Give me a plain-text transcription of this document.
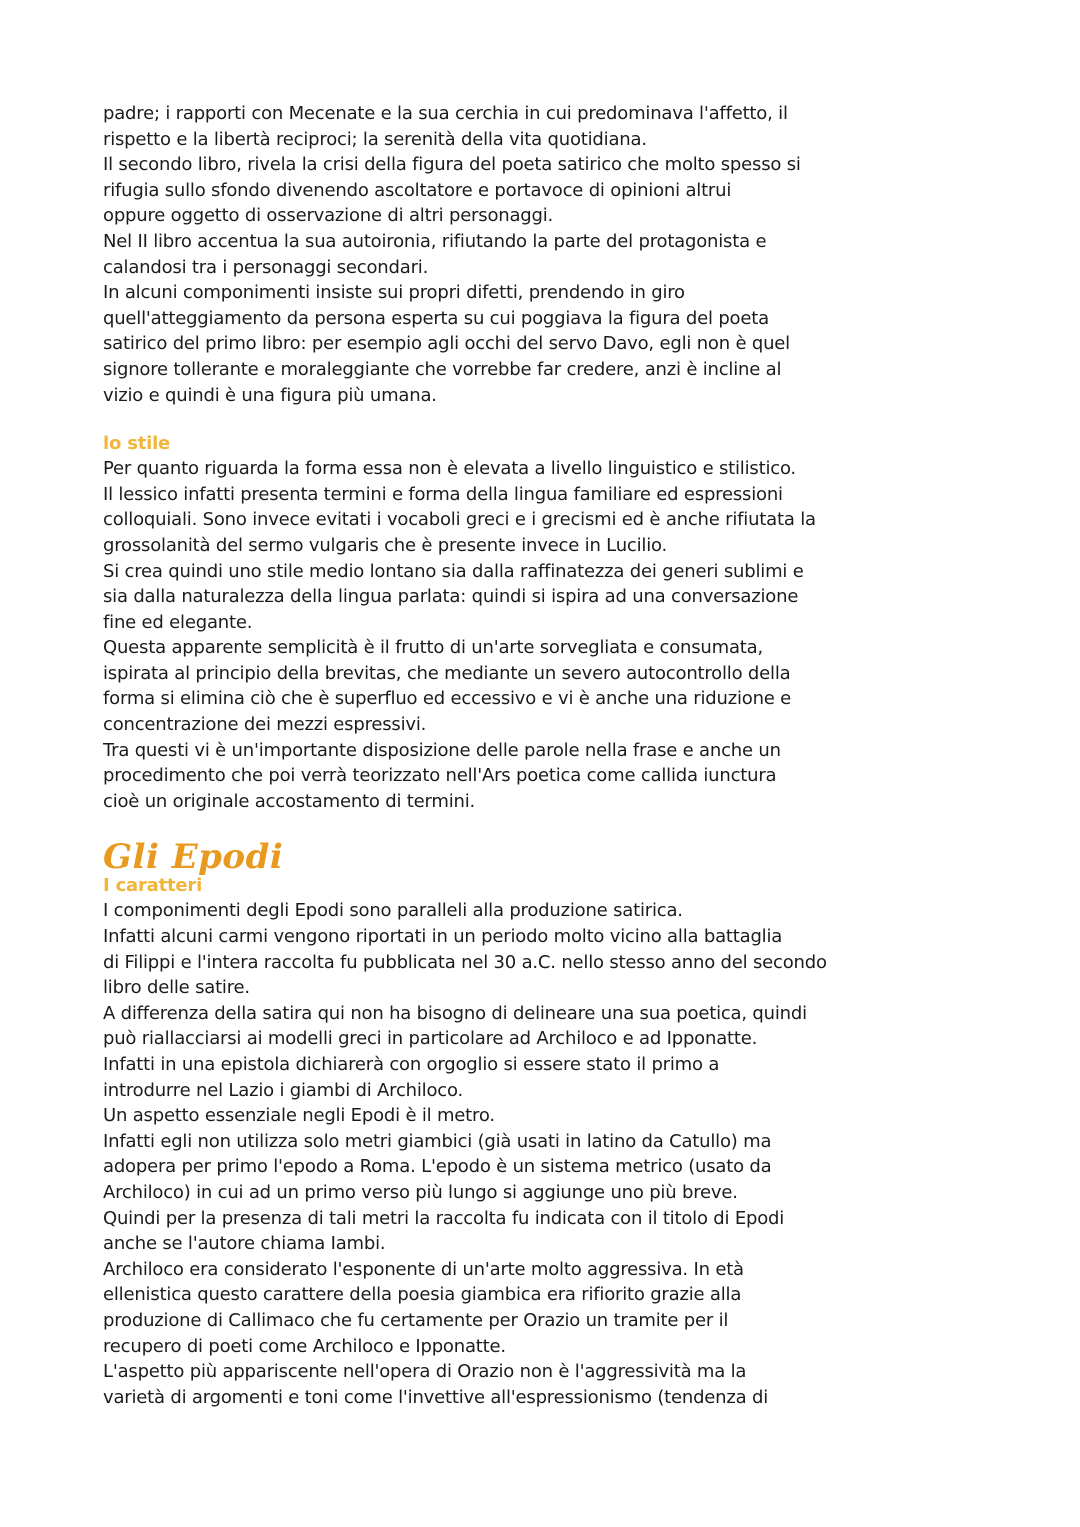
padre; i rapporti con Mecenate e la sua cerchia in cui predominava l'affetto, il

rispetto e la libertà reciproci; la serenità della vita quotidiana.

Il secondo libro, rivela la crisi della figura del poeta satirico che molto spesso si

rifugia sullo sfondo divenendo ascoltatore e portavoce di opinioni altrui

oppure oggetto di osservazione di altri personaggi.

Nel II libro accentua la sua autoironia, rifiutando la parte del protagonista e

calandosi tra i personaggi secondari.

In alcuni componimenti insiste sui propri difetti, prendendo in giro

quell'atteggiamento da persona esperta su cui poggiava la figura del poeta

satirico del primo libro: per esempio agli occhi del servo Davo, egli non è quel

signore tollerante e moraleggiante che vorrebbe far credere, anzi è incline al

vizio e quindi è una figura più umana.

lo stile

Per quanto riguarda la forma essa non è elevata a livello linguistico e stilistico.

Il lessico infatti presenta termini e forma della lingua familiare ed espressioni

colloquiali. Sono invece evitati i vocaboli greci e i grecismi ed è anche rifiutata la

grossolanità del sermo vulgaris che è presente invece in Lucilio.

Si crea quindi uno stile medio lontano sia dalla raffinatezza dei generi sublimi e

sia dalla naturalezza della lingua parlata: quindi si ispira ad una conversazione

fine ed elegante.

Questa apparente semplicità è il frutto di un'arte sorvegliata e consumata,

ispirata al principio della brevitas, che mediante un severo autocontrollo della

forma si elimina ciò che è superfluo ed eccessivo e vi è anche una riduzione e

concentrazione dei mezzi espressivi.

Tra questi vi è un'importante disposizione delle parole nella frase e anche un

procedimento che poi verrà teorizzato nell'Ars poetica come callida iunctura

cioè un originale accostamento di termini.

Gli Epodi
I caratteri

I componimenti degli Epodi sono paralleli alla produzione satirica.

Infatti alcuni carmi vengono riportati in un periodo molto vicino alla battaglia

di Filippi e l'intera raccolta fu pubblicata nel 30 a.C. nello stesso anno del secondo

libro delle satire.

A differenza della satira qui non ha bisogno di delineare una sua poetica, quindi

può riallacciarsi ai modelli greci in particolare ad Archiloco e ad Ipponatte.

Infatti in una epistola dichiarerà con orgoglio si essere stato il primo a

introdurre nel Lazio i giambi di Archiloco.

Un aspetto essenziale negli Epodi è il metro.

Infatti egli non utilizza solo metri giambici (già usati in latino da Catullo) ma

adopera per primo l'epodo a Roma. L'epodo è un sistema metrico (usato da

Archiloco) in cui ad un primo verso più lungo si aggiunge uno più breve.

Quindi per la presenza di tali metri la raccolta fu indicata con il titolo di Epodi

anche se l'autore chiama Iambi.

Archiloco era considerato l'esponente di un'arte molto aggressiva. In età

ellenistica questo carattere della poesia giambica era rifiorito grazie alla

produzione di Callimaco che fu certamente per Orazio un tramite per il

recupero di poeti come Archiloco e Ipponatte.

L'aspetto più appariscente nell'opera di Orazio non è l'aggressività ma la

varietà di argomenti e toni come l'invettive all'espressionismo (tendenza di
